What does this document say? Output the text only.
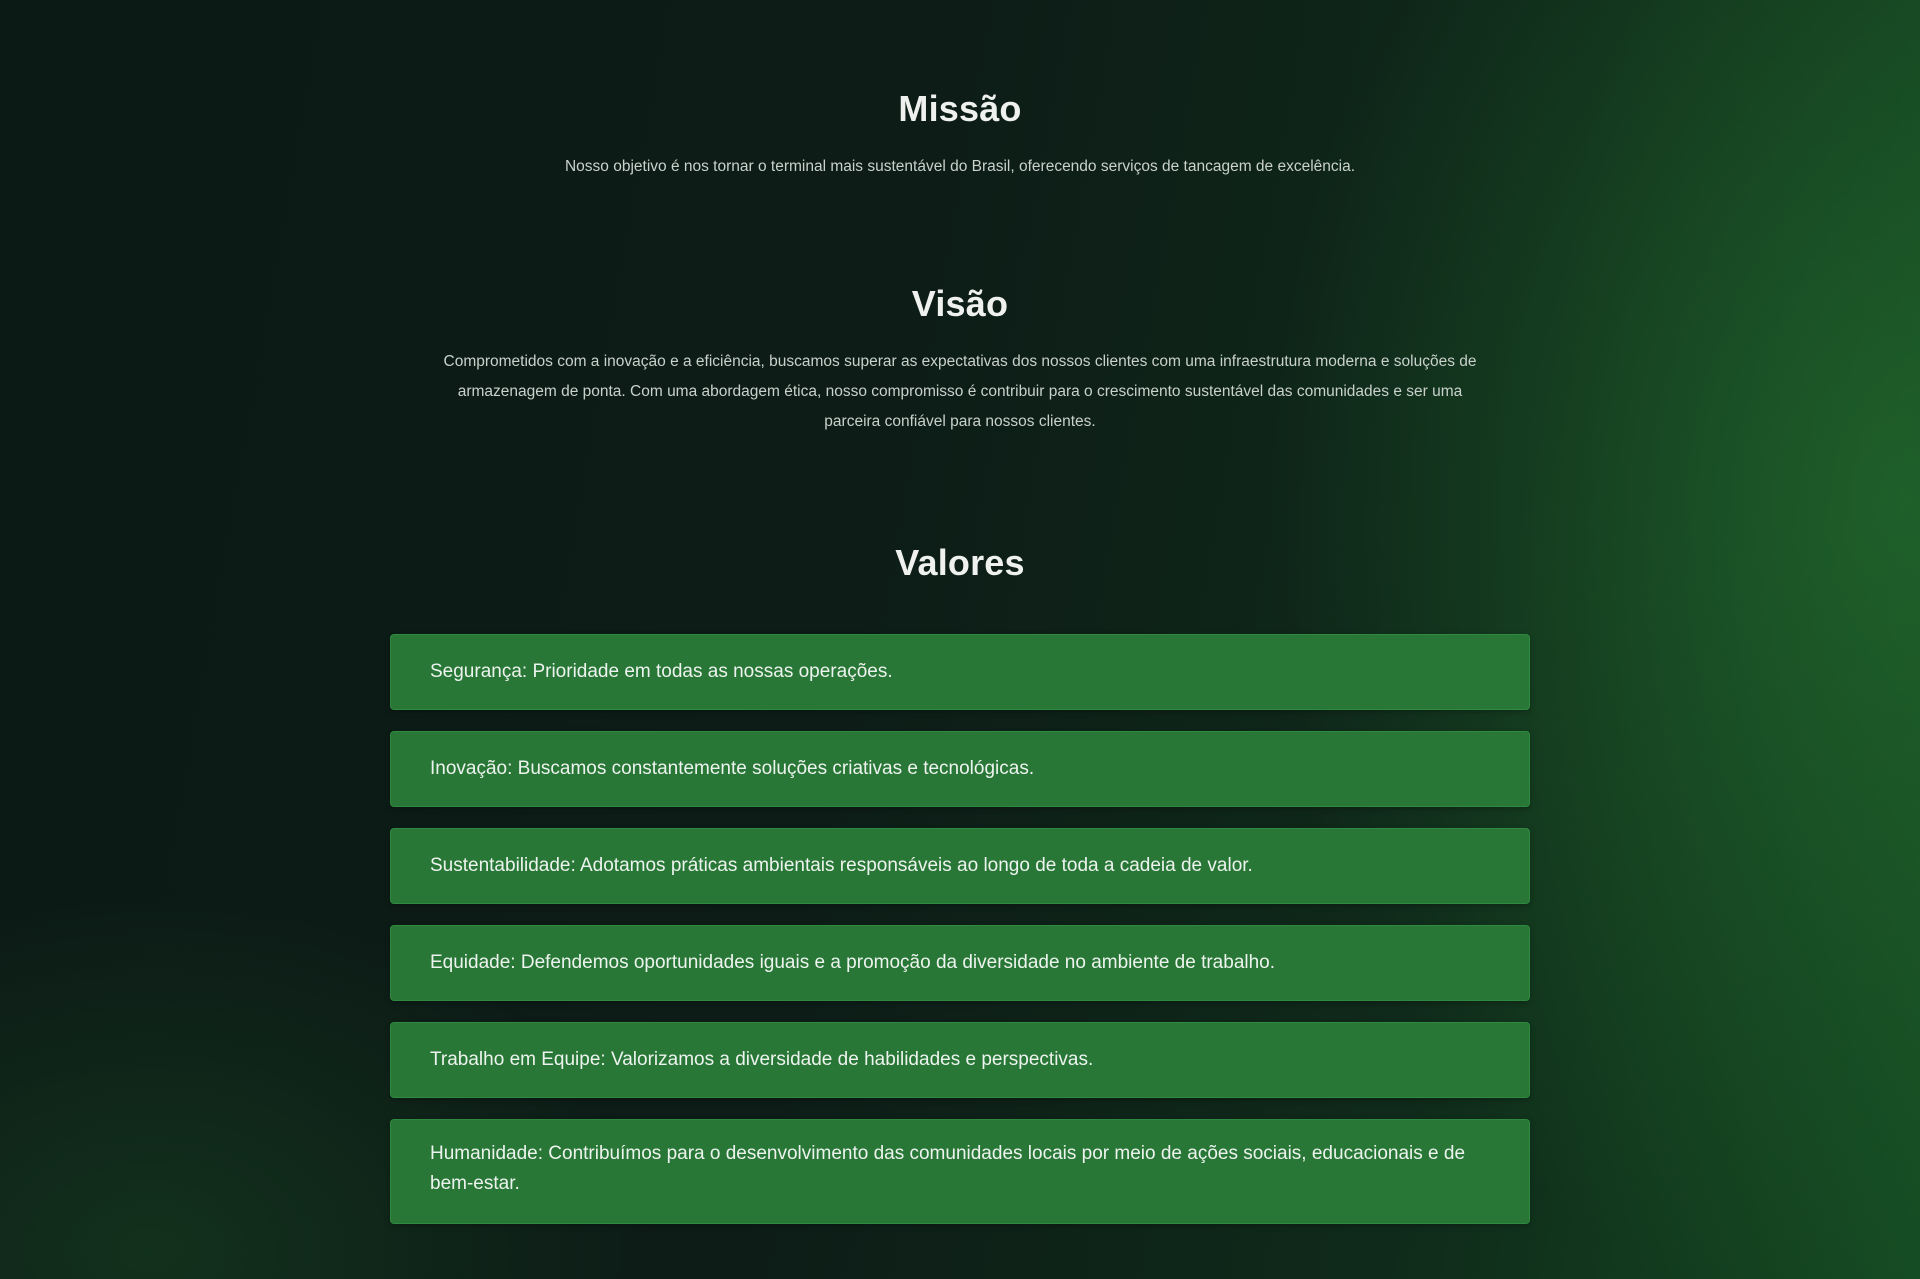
Missão

Nosso objetivo é nos tornar o terminal mais sustentável do Brasil, oferecendo serviços de tancagem de excelência.

Visão

Comprometidos com a inovação e a eficiência, buscamos superar as expectativas dos nossos clientes com uma infraestrutura moderna e soluções de armazenagem de ponta. Com uma abordagem ética, nosso compromisso é contribuir para o crescimento sustentável das comunidades e ser uma parceira confiável para nossos clientes.

Valores
Segurança: Prioridade em todas as nossas operações.
Inovação: Buscamos constantemente soluções criativas e tecnológicas.
Sustentabilidade: Adotamos práticas ambientais responsáveis ao longo de toda a cadeia de valor.
Equidade: Defendemos oportunidades iguais e a promoção da diversidade no ambiente de trabalho.
Trabalho em Equipe: Valorizamos a diversidade de habilidades e perspectivas.
Humanidade: Contribuímos para o desenvolvimento das comunidades locais por meio de ações sociais, educacionais e de bem-estar.
